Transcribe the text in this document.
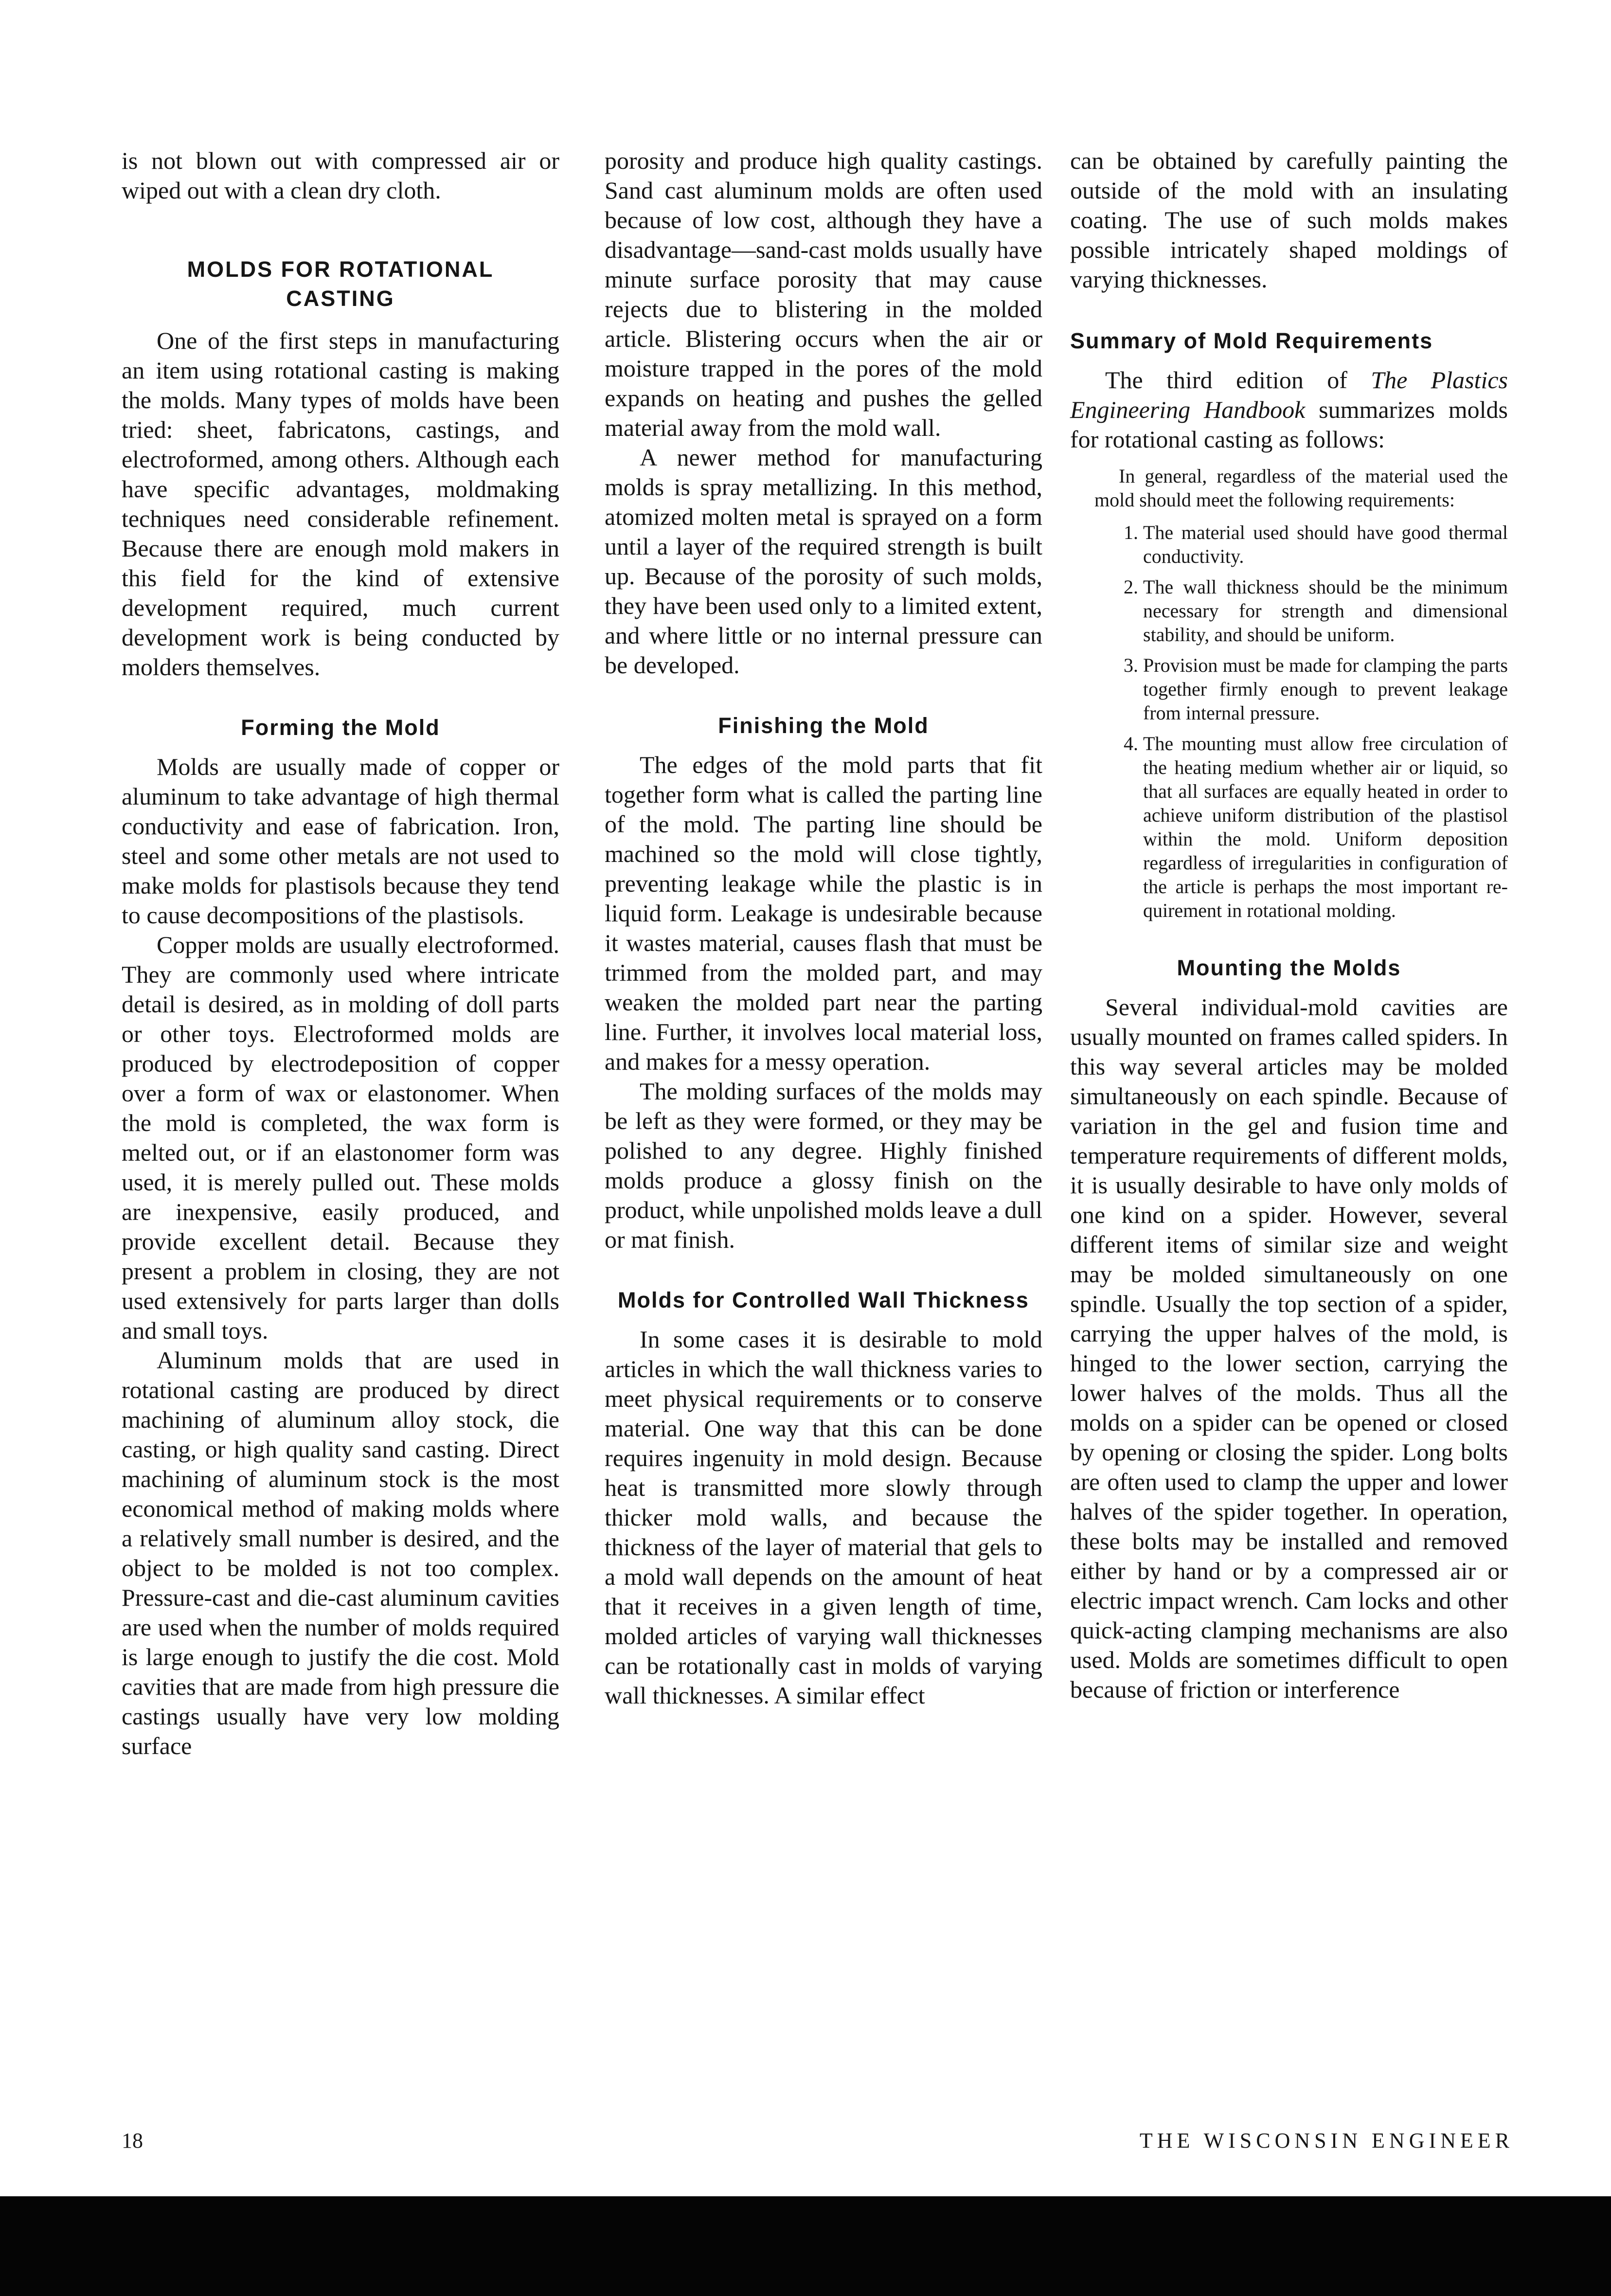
is not blown out with compressed air or wiped out with a clean dry cloth.

MOLDS FOR ROTATIONAL CASTING

One of the first steps in manufacturing an item using rotational casting is making the molds. Many types of molds have been tried: sheet, fabricatons, castings, and electroformed, among others. Although each have specific advantages, moldmaking techniques need considerable refinement. Because there are enough mold makers in this field for the kind of extensive development required, much current development work is being conducted by molders themselves.

Forming the Mold

Molds are usually made of copper or aluminum to take advantage of high thermal conductivity and ease of fabrication. Iron, steel and some other metals are not used to make molds for plastisols because they tend to cause decompositions of the plastisols.

Copper molds are usually electroformed. They are commonly used where intricate detail is desired, as in molding of doll parts or other toys. Electroformed molds are produced by electrodeposition of copper over a form of wax or elastonomer. When the mold is completed, the wax form is melted out, or if an elastonomer form was used, it is merely pulled out. These molds are inexpensive, easily produced, and provide excellent detail. Because they present a problem in closing, they are not used extensively for parts larger than dolls and small toys.

Aluminum molds that are used in rotational casting are produced by direct machining of aluminum alloy stock, die casting, or high quality sand casting. Direct machining of aluminum stock is the most economical method of making molds where a relatively small number is desired, and the object to be molded is not too complex. Pressure-cast and die-cast aluminum cavities are used when the number of molds required is large enough to justify the die cost. Mold cavities that are made from high pressure die castings usually have very low molding surface

porosity and produce high quality castings. Sand cast aluminum molds are often used because of low cost, although they have a disadvantage—sand-cast molds usually have minute surface porosity that may cause rejects due to blistering in the molded article. Blistering occurs when the air or moisture trapped in the pores of the mold expands on heating and pushes the gelled material away from the mold wall.

A newer method for manufacturing molds is spray metallizing. In this method, atomized molten metal is sprayed on a form until a layer of the required strength is built up. Because of the porosity of such molds, they have been used only to a limited extent, and where little or no internal pressure can be developed.

Finishing the Mold

The edges of the mold parts that fit together form what is called the parting line of the mold. The parting line should be machined so the mold will close tightly, preventing leakage while the plastic is in liquid form. Leakage is undesirable because it wastes material, causes flash that must be trimmed from the molded part, and may weaken the molded part near the parting line. Further, it involves local material loss, and makes for a messy operation.

The molding surfaces of the molds may be left as they were formed, or they may be polished to any degree. Highly finished molds produce a glossy finish on the product, while unpolished molds leave a dull or mat finish.

Molds for Controlled Wall Thickness

In some cases it is desirable to mold articles in which the wall thickness varies to meet physical requirements or to conserve material. One way that this can be done requires ingenuity in mold design. Because heat is transmitted more slowly through thicker mold walls, and because the thickness of the layer of material that gels to a mold wall depends on the amount of heat that it receives in a given length of time, molded articles of varying wall thicknesses can be rotationally cast in molds of varying wall thicknesses. A similar effect

can be obtained by carefully painting the outside of the mold with an insulating coating. The use of such molds makes possible intricately shaped moldings of varying thicknesses.

Summary of Mold Requirements

The third edition of The Plastics Engineering Handbook summarizes molds for rotational casting as follows:

In general, regardless of the material used the mold should meet the following requirements:

1. The material used should have good thermal conductivity.
2. The wall thickness should be the minimum necessary for strength and dimensional stability, and should be uniform.
3. Provision must be made for clamping the parts together firmly enough to prevent leakage from internal pressure.
4. The mounting must allow free circulation of the heating medium whether air or liquid, so that all surfaces are equally heated in order to achieve uniform distribution of the plastisol within the mold. Uniform deposition regardless of irregularities in configuration of the article is perhaps the most important requirement in rotational molding.
Mounting the Molds

Several individual-mold cavities are usually mounted on frames called spiders. In this way several articles may be molded simultaneously on each spindle. Because of variation in the gel and fusion time and temperature requirements of different molds, it is usually desirable to have only molds of one kind on a spider. However, several different items of similar size and weight may be molded simultaneously on one spindle. Usually the top section of a spider, carrying the upper halves of the mold, is hinged to the lower section, carrying the lower halves of the molds. Thus all the molds on a spider can be opened or closed by opening or closing the spider. Long bolts are often used to clamp the upper and lower halves of the spider together. In operation, these bolts may be installed and removed either by hand or by a compressed air or electric impact wrench. Cam locks and other quick-acting clamping mechanisms are also used. Molds are sometimes difficult to open because of friction or interference

18	THE WISCONSIN ENGINEER
